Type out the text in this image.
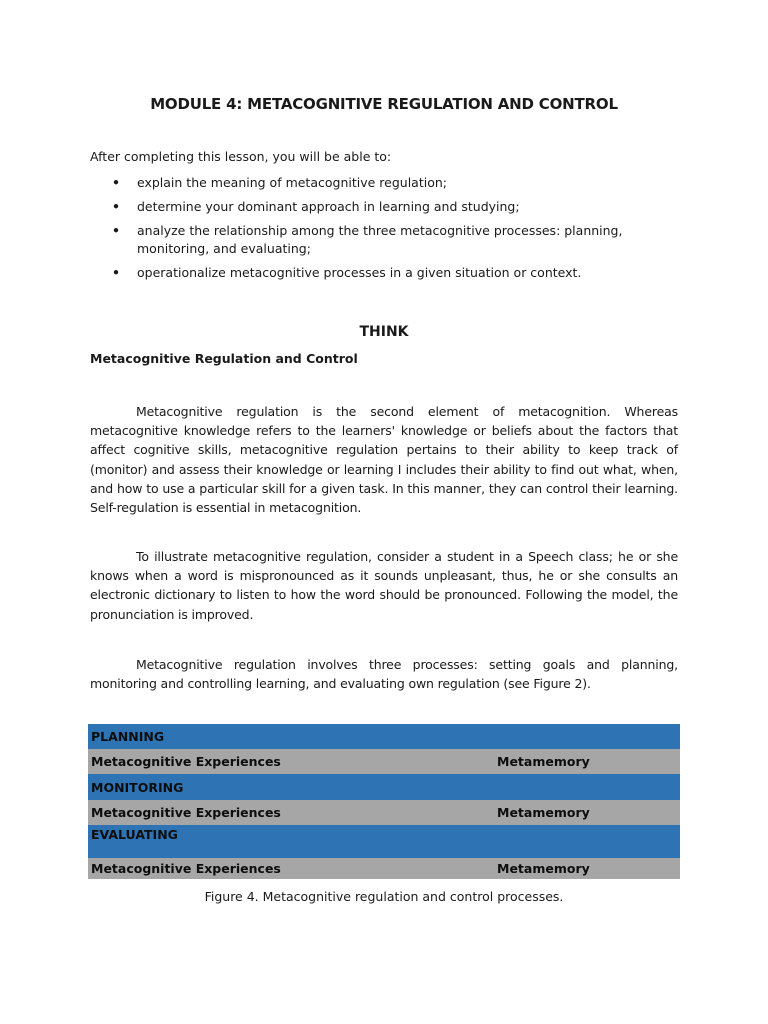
MODULE 4: METACOGNITIVE REGULATION AND CONTROL
After completing this lesson, you will be able to:
• explain the meaning of metacognitive regulation;
• determine your dominant approach in learning and studying;
• analyze the relationship among the three metacognitive processes: planning, monitoring, and evaluating;
• operationalize metacognitive processes in a given situation or context.
THINK
Metacognitive Regulation and Control

Metacognitive regulation is the second element of metacognition. Whereas metacognitive knowledge refers to the learners' knowledge or beliefs about the factors that affect cognitive skills, metacognitive regulation pertains to their ability to keep track of (monitor) and assess their knowledge or learning I includes their ability to find out what, when, and how to use a particular skill for a given task. In this manner, they can control their learning. Self-regulation is essential in metacognition.

To illustrate metacognitive regulation, consider a student in a Speech class; he or she knows when a word is mispronounced as it sounds unpleasant, thus, he or she consults an electronic dictionary to listen to how the word should be pronounced. Following the model, the pronunciation is improved.

Metacognitive regulation involves three processes: setting goals and planning, monitoring and controlling learning, and evaluating own regulation (see Figure 2).

PLANNING	
Metacognitive Experiences	Metamemory
MONITORING	
Metacognitive Experiences	Metamemory
EVALUATING	
Metacognitive Experiences	Metamemory
Figure 4. Metacognitive regulation and control processes.
